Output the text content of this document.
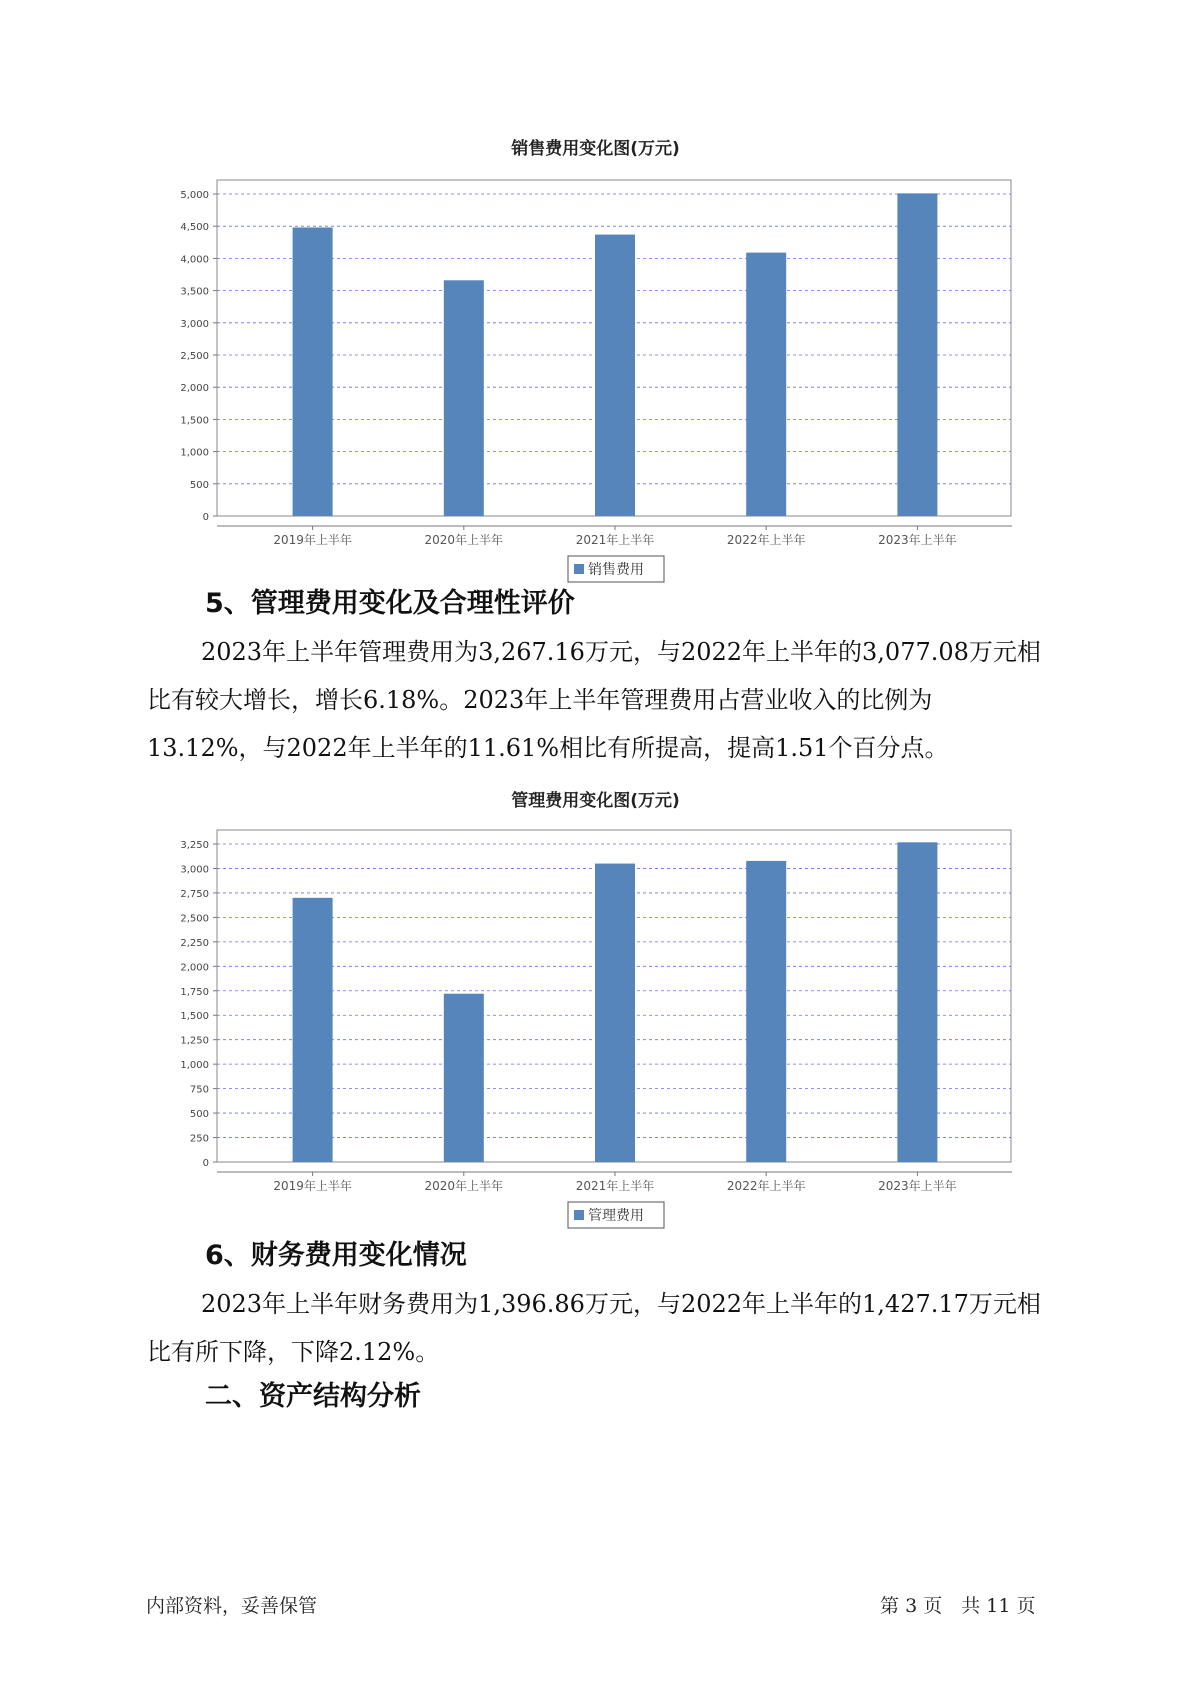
销售费用变化图(万元)
0
500
1,000
1,500
2,000
2,500
3,000
3,500
4,000
4,500
5,000
2019年上半年	2020年上半年	2021年上半年	2022年上半年	2023年上半年
销售费用
5、管理费用变化及合理性评价

2023年上半年管理费用为3,267.16万元，与2022年上半年的3,077.08万元相比有较大增长，增长6.18%。2023年上半年管理费用占营业收入的比例为13.12%，与2022年上半年的11.61%相比有所提高，提高1.51个百分点。

管理费用变化图(万元)
0
250
500
750
1,000
1,250
1,500
1,750
2,000
2,250
2,500
2,750
3,000
3,250
2019年上半年	2020年上半年	2021年上半年	2022年上半年	2023年上半年
管理费用
6、财务费用变化情况

2023年上半年财务费用为1,396.86万元，与2022年上半年的1,427.17万元相比有所下降，下降2.12%。

二、资产结构分析
内部资料，妥善保管	第 3 页　共 11 页
